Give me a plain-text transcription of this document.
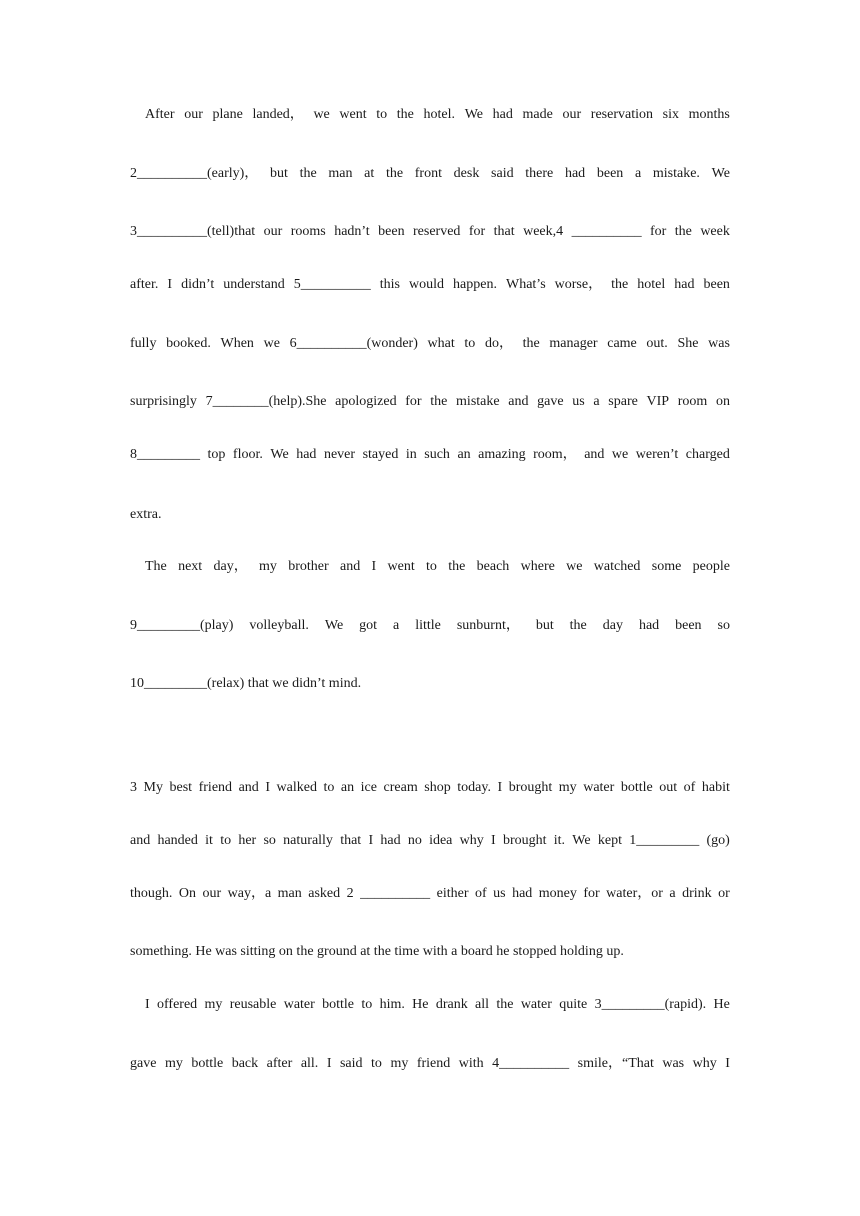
After our plane landed， we went to the hotel. We had made our reservation six months
2__________(early)， but the man at the front desk said there had been a mistake. We
3__________(tell)that our rooms hadn’t been reserved for that week,4 __________ for the week
after. I didn’t understand 5__________ this would happen. What’s worse， the hotel had been
fully booked. When we 6__________(wonder) what to do， the manager came out. She was
surprisingly 7________(help).She apologized for the mistake and gave us a spare VIP room on
8_________ top floor. We had never stayed in such an amazing room， and we weren’t charged
extra.
The next day， my brother and I went to the beach where we watched some people
9_________(play) volleyball. We got a little sunburnt， but the day had been so
10_________(relax) that we didn’t mind.
3 My best friend and I walked to an ice cream shop today. I brought my water bottle out of habit
and handed it to her so naturally that I had no idea why I brought it. We kept 1_________ (go)
though. On our way，a man asked 2 __________ either of us had money for water，or a drink or
something. He was sitting on the ground at the time with a board he stopped holding up.
I offered my reusable water bottle to him. He drank all the water quite 3_________(rapid). He
gave my bottle back after all. I said to my friend with 4__________ smile，“That was why I
